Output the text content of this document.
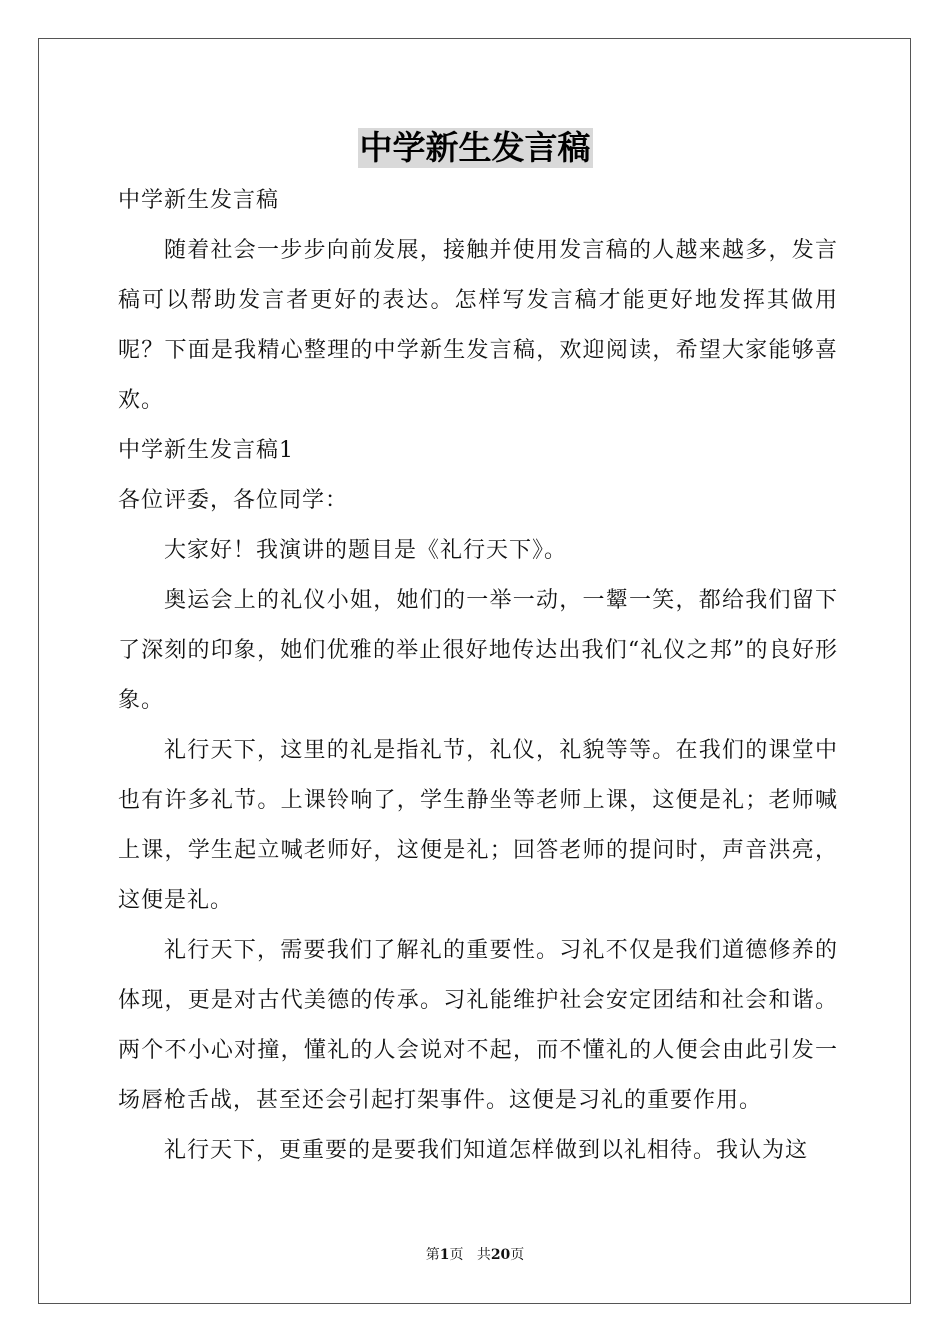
中学新生发言稿

中学新生发言稿

随着社会一步步向前发展，接触并使用发言稿的人越来越多，发言稿可以帮助发言者更好的表达。怎样写发言稿才能更好地发挥其做用呢？下面是我精心整理的中学新生发言稿，欢迎阅读，希望大家能够喜欢。

中学新生发言稿1

各位评委，各位同学：

大家好！我演讲的题目是《礼行天下》。

奥运会上的礼仪小姐，她们的一举一动，一颦一笑，都给我们留下了深刻的印象，她们优雅的举止很好地传达出我们“礼仪之邦”的良好形象。

礼行天下，这里的礼是指礼节，礼仪，礼貌等等。在我们的课堂中也有许多礼节。上课铃响了，学生静坐等老师上课，这便是礼；老师喊上课，学生起立喊老师好，这便是礼；回答老师的提问时，声音洪亮，这便是礼。

礼行天下，需要我们了解礼的重要性。习礼不仅是我们道德修养的体现，更是对古代美德的传承。习礼能维护社会安定团结和社会和谐。两个不小心对撞，懂礼的人会说对不起，而不懂礼的人便会由此引发一场唇枪舌战，甚至还会引起打架事件。这便是习礼的重要作用。

礼行天下，更重要的是要我们知道怎样做到以礼相待。我认为这

第1页 共20页
